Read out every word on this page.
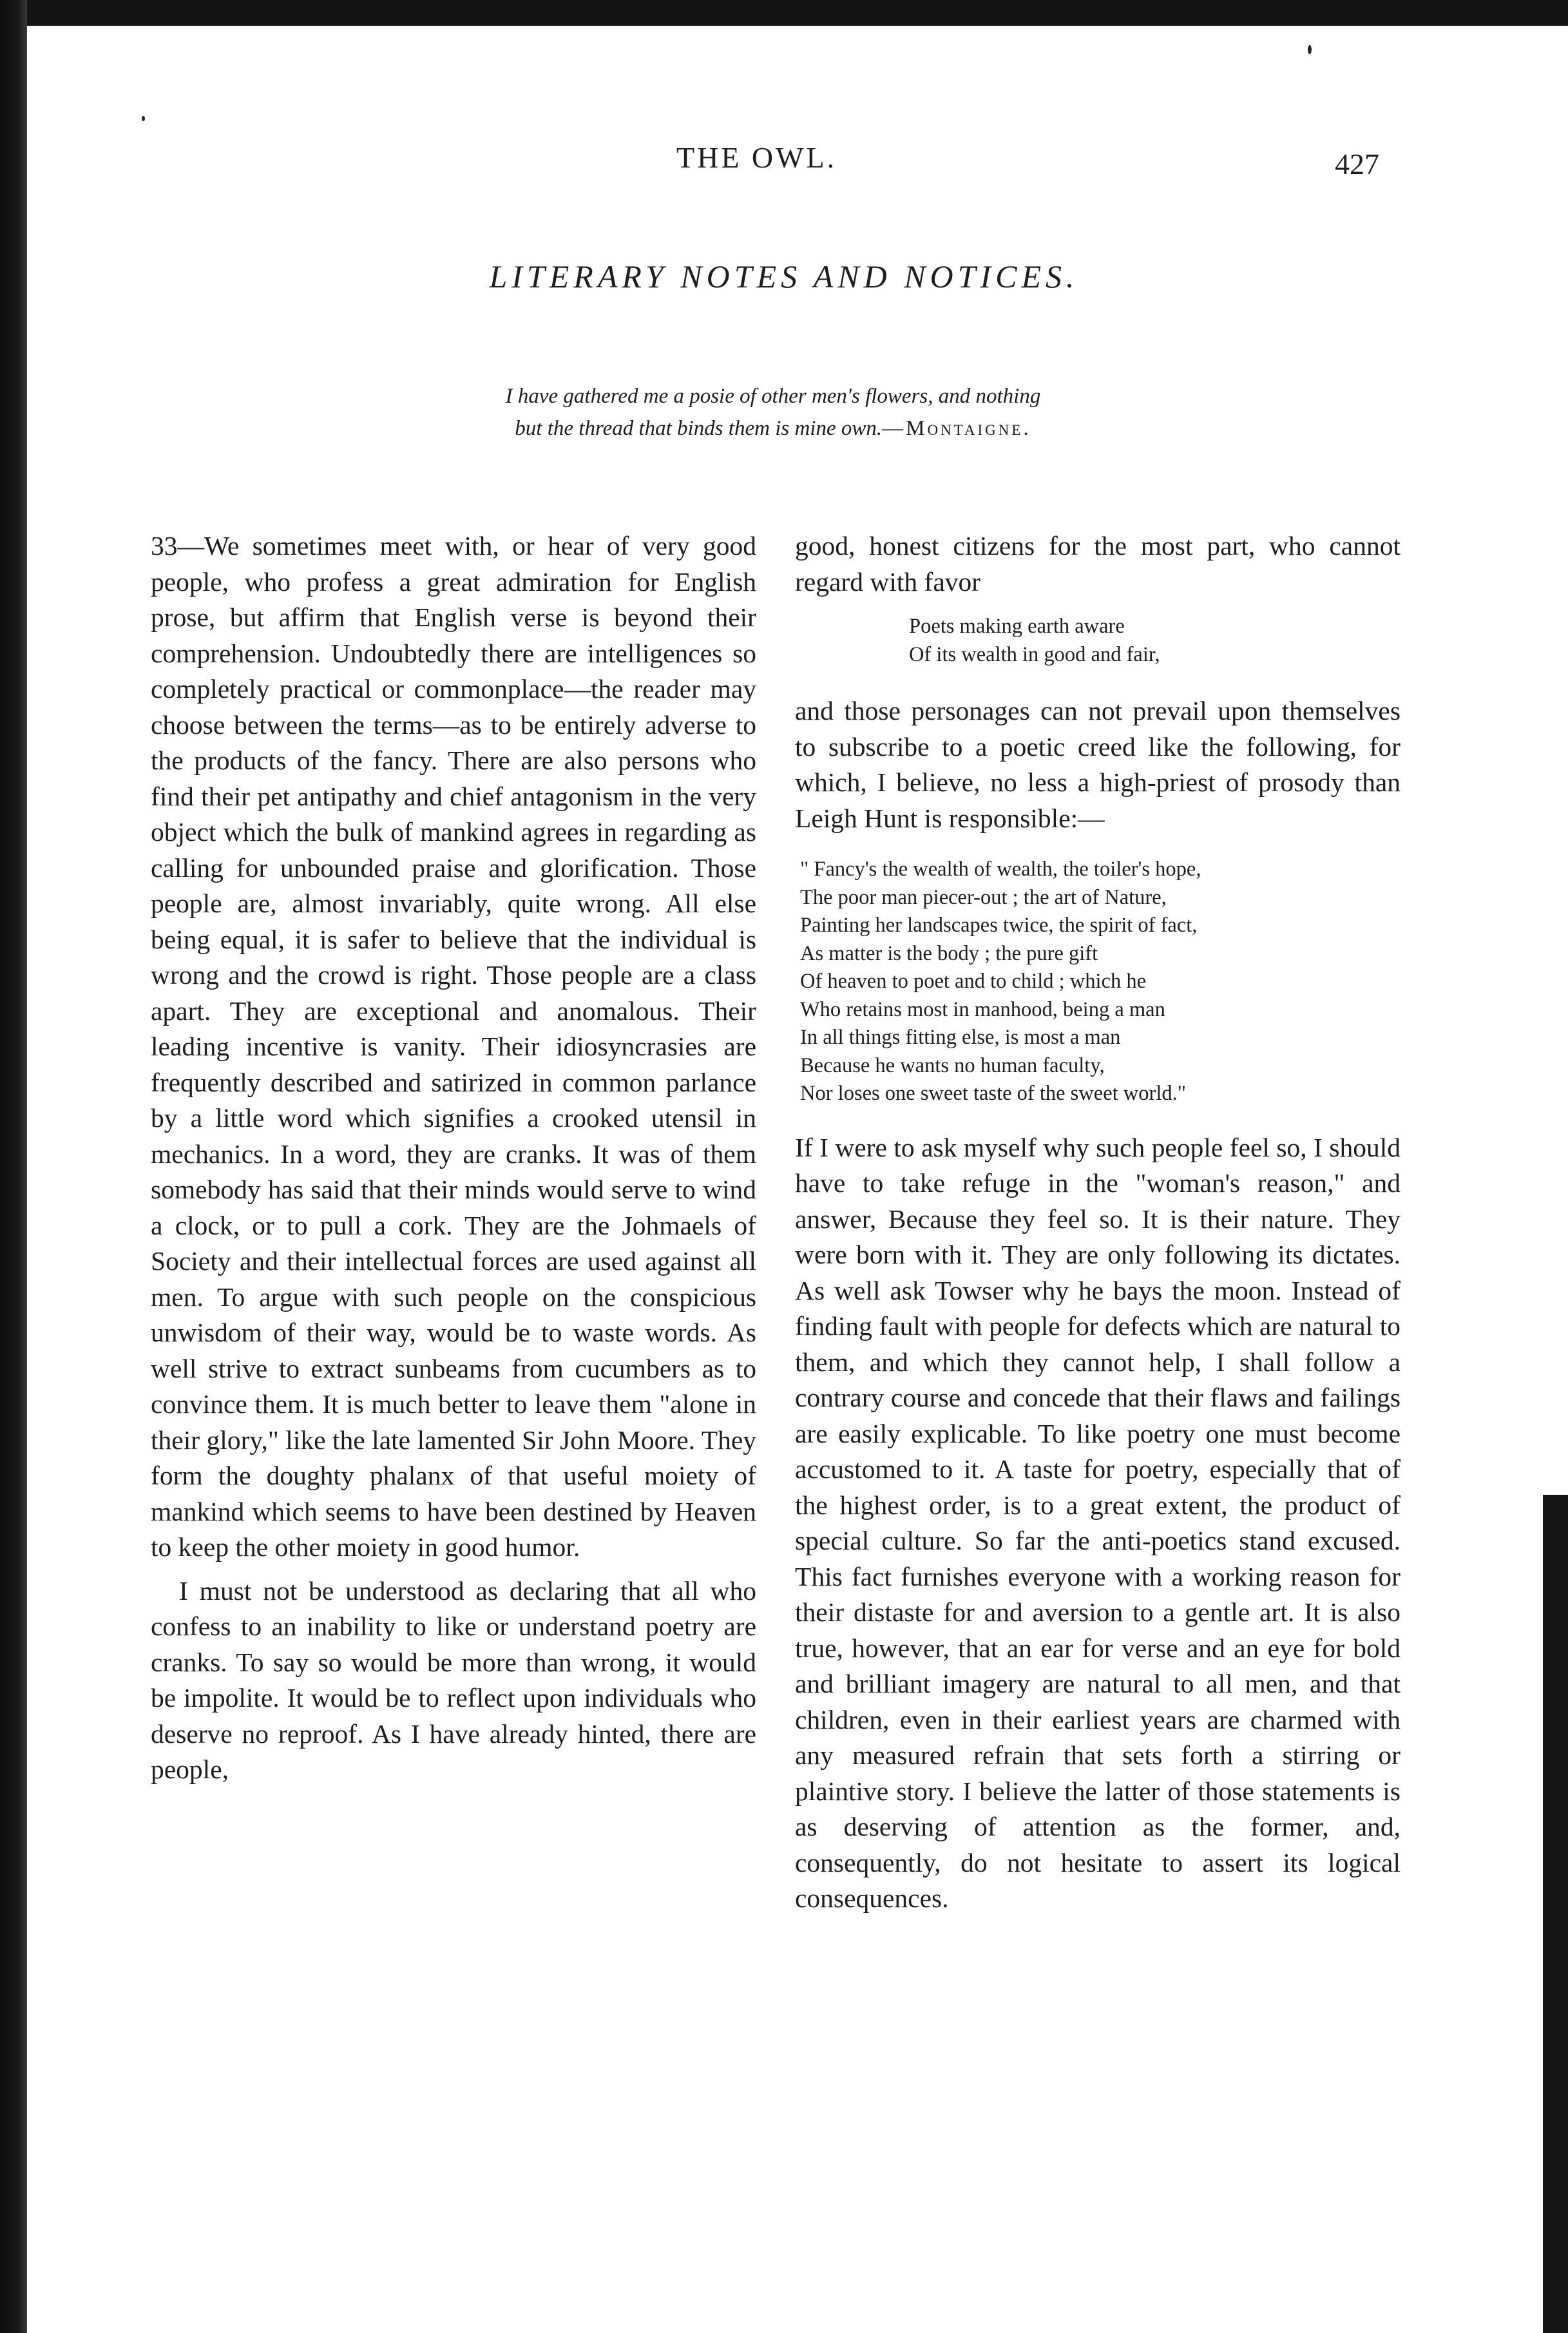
THE OWL.	427
LITERARY NOTES AND NOTICES.
I have gathered me a posie of other men's flowers, and nothing
but the thread that binds them is mine own.—Montaigne.

33—We sometimes meet with, or hear of very good people, who profess a great admiration for English prose, but affirm that English verse is beyond their comprehension. Undoubtedly there are intelligences so completely practical or commonplace—the reader may choose between the terms—as to be entirely adverse to the products of the fancy. There are also persons who find their pet antipathy and chief antagonism in the very object which the bulk of mankind agrees in regarding as calling for unbounded praise and glorification. Those people are, almost invariably, quite wrong. All else being equal, it is safer to believe that the individual is wrong and the crowd is right. Those people are a class apart. They are exceptional and anomalous. Their leading incentive is vanity. Their idiosyncrasies are frequently described and satirized in common parlance by a little word which signifies a crooked utensil in mechanics. In a word, they are cranks. It was of them somebody has said that their minds would serve to wind a clock, or to pull a cork. They are the Johmaels of Society and their intellectual forces are used against all men. To argue with such people on the conspicious unwisdom of their way, would be to waste words. As well strive to extract sunbeams from cucumbers as to convince them. It is much better to leave them "alone in their glory," like the late lamented Sir John Moore. They form the doughty phalanx of that useful moiety of mankind which seems to have been destined by Heaven to keep the other moiety in good humor.

I must not be understood as declaring that all who confess to an inability to like or understand poetry are cranks. To say so would be more than wrong, it would be impolite. It would be to reflect upon individuals who deserve no reproof. As I have already hinted, there are people,

good, honest citizens for the most part, who cannot regard with favor

Poets making earth aware
Of its wealth in good and fair,

and those personages can not prevail upon themselves to subscribe to a poetic creed like the following, for which, I believe, no less a high-priest of prosody than Leigh Hunt is responsible:—

" Fancy's the wealth of wealth, the toiler's hope,
The poor man piecer-out ; the art of Nature,
Painting her landscapes twice, the spirit of fact,
As matter is the body ; the pure gift
Of heaven to poet and to child ; which he
Who retains most in manhood, being a man
In all things fitting else, is most a man
Because he wants no human faculty,
Nor loses one sweet taste of the sweet world."

If I were to ask myself why such people feel so, I should have to take refuge in the "woman's reason," and answer, Because they feel so. It is their nature. They were born with it. They are only following its dictates. As well ask Towser why he bays the moon. Instead of finding fault with people for defects which are natural to them, and which they cannot help, I shall follow a contrary course and concede that their flaws and failings are easily explicable. To like poetry one must become accustomed to it. A taste for poetry, especially that of the highest order, is to a great extent, the product of special culture. So far the anti-poetics stand excused. This fact furnishes everyone with a working reason for their distaste for and aversion to a gentle art. It is also true, however, that an ear for verse and an eye for bold and brilliant imagery are natural to all men, and that children, even in their earliest years are charmed with any measured refrain that sets forth a stirring or plaintive story. I believe the latter of those statements is as deserving of attention as the former, and, consequently, do not hesitate to assert its logical consequences.
